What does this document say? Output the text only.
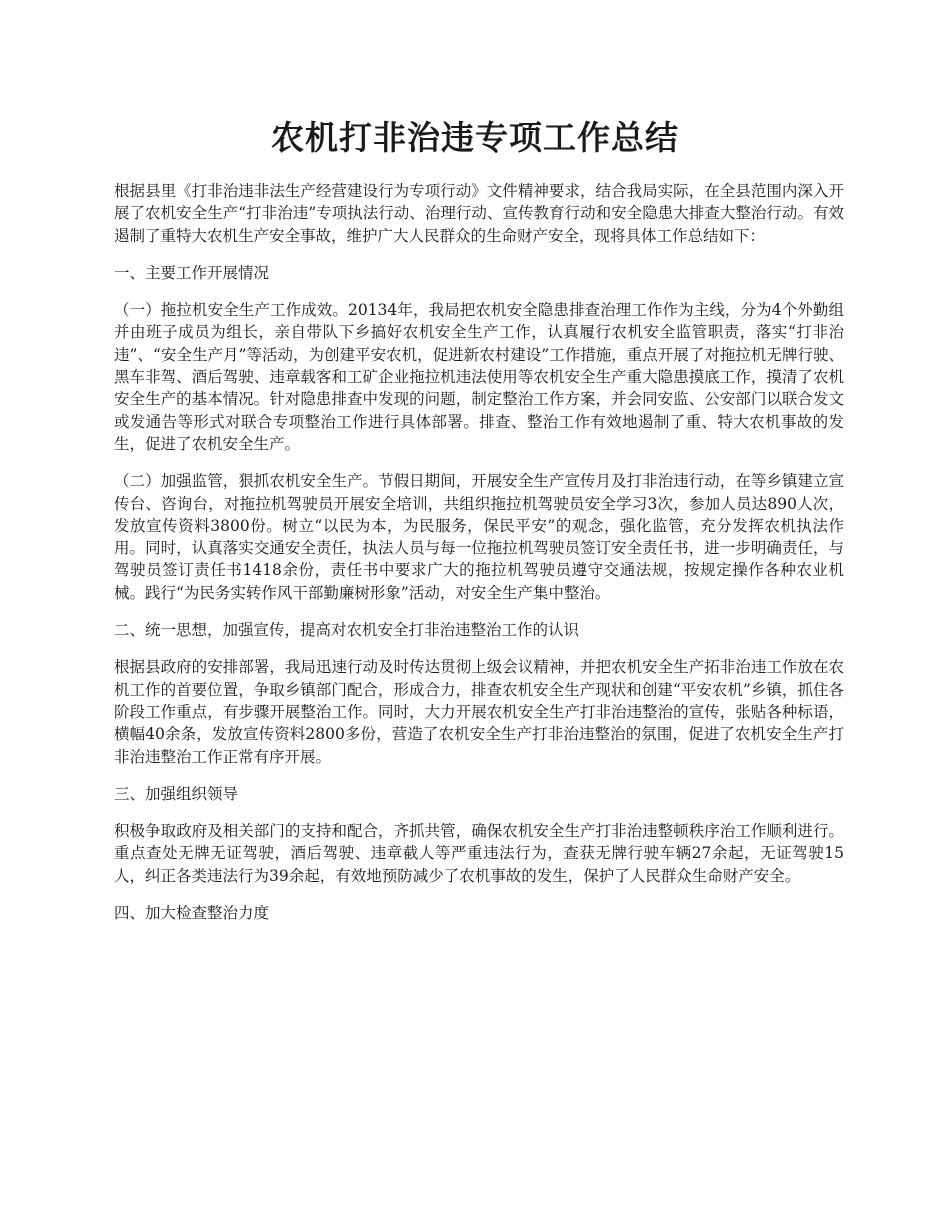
农机打非治违专项工作总结

根据县里《打非治违非法生产经营建设行为专项行动》文件精神要求，结合我局实际，在全县范围内深入开展了农机安全生产“打非治违”专项执法行动、治理行动、宣传教育行动和安全隐患大排查大整治行动。有效遏制了重特大农机生产安全事故，维护广大人民群众的生命财产安全，现将具体工作总结如下：

一、主要工作开展情况

（一）拖拉机安全生产工作成效。20134年，我局把农机安全隐患排查治理工作作为主线，分为4个外勤组并由班子成员为组长，亲自带队下乡搞好农机安全生产工作，认真履行农机安全监管职责，落实“打非治违”、“安全生产月”等活动，为创建平安农机，促进新农村建设”工作措施，重点开展了对拖拉机无牌行驶、黑车非驾、酒后驾驶、违章载客和工矿企业拖拉机违法使用等农机安全生产重大隐患摸底工作，摸清了农机安全生产的基本情况。针对隐患排查中发现的问题，制定整治工作方案，并会同安监、公安部门以联合发文或发通告等形式对联合专项整治工作进行具体部署。排查、整治工作有效地遏制了重、特大农机事故的发生，促进了农机安全生产。

（二）加强监管，狠抓农机安全生产。节假日期间，开展安全生产宣传月及打非治违行动，在等乡镇建立宣传台、咨询台，对拖拉机驾驶员开展安全培训，共组织拖拉机驾驶员安全学习3次，参加人员达890人次，发放宣传资料3800份。树立“以民为本，为民服务，保民平安”的观念，强化监管，充分发挥农机执法作用。同时，认真落实交通安全责任，执法人员与每一位拖拉机驾驶员签订安全责任书，进一步明确责任，与驾驶员签订责任书1418余份，责任书中要求广大的拖拉机驾驶员遵守交通法规，按规定操作各种农业机械。践行“为民务实转作风干部勤廉树形象”活动，对安全生产集中整治。

二、统一思想，加强宣传，提高对农机安全打非治违整治工作的认识

根据县政府的安排部署，我局迅速行动及时传达贯彻上级会议精神，并把农机安全生产拓非治违工作放在农机工作的首要位置，争取乡镇部门配合，形成合力，排查农机安全生产现状和创建“平安农机”乡镇，抓住各阶段工作重点，有步骤开展整治工作。同时，大力开展农机安全生产打非治违整治的宣传，张贴各种标语，横幅40余条，发放宣传资料2800多份，营造了农机安全生产打非治违整治的氛围，促进了农机安全生产打非治违整治工作正常有序开展。

三、加强组织领导

积极争取政府及相关部门的支持和配合，齐抓共管，确保农机安全生产打非治违整顿秩序治工作顺利进行。重点查处无牌无证驾驶，酒后驾驶、违章截人等严重违法行为，查获无牌行驶车辆27余起，无证驾驶15人，纠正各类违法行为39余起，有效地预防减少了农机事故的发生，保护了人民群众生命财产安全。

四、加大检查整治力度
